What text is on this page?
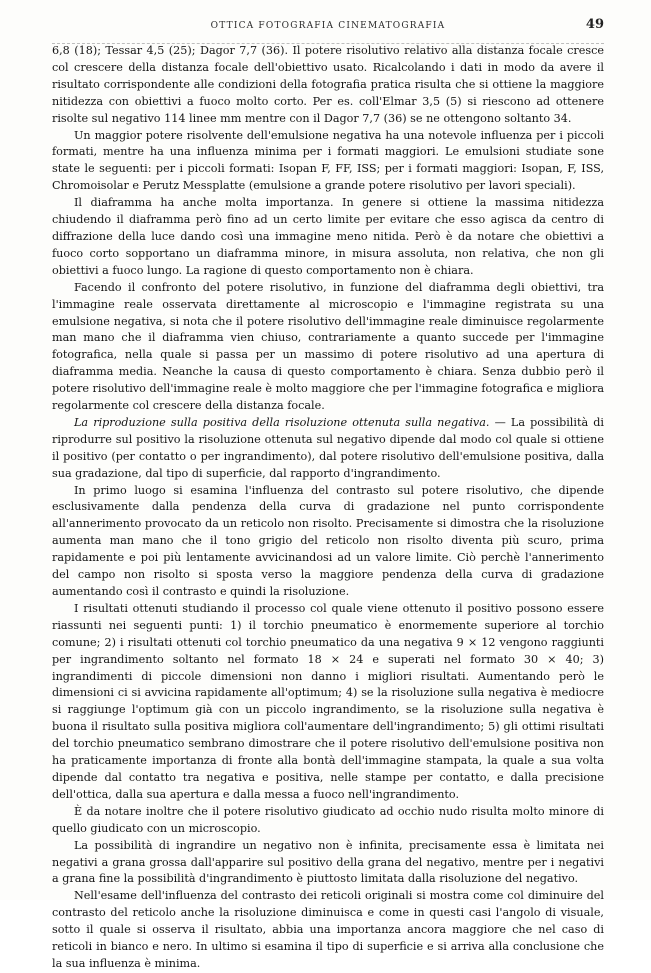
OTTICA FOTOGRAFIA CINEMATOGRAFIA	49

6,8 (18); Tessar 4,5 (25); Dagor 7,7 (36). Il potere risolutivo relativo alla distanza focale cresce col crescere della distanza focale dell'obiettivo usato. Ricalcolando i dati in modo da avere il risultato corrispondente alle condizioni della fotografia pratica risulta che si ottiene la maggiore nitidezza con obiettivi a fuoco molto corto. Per es. coll'Elmar 3,5 (5) si riescono ad ottenere risolte sul negativo 114 linee mm mentre con il Dagor 7,7 (36) se ne ottengono soltanto 34.

Un maggior potere risolvente dell'emulsione negativa ha una notevole influenza per i piccoli formati, mentre ha una influenza minima per i formati maggiori. Le emulsioni studiate sone state le seguenti: per i piccoli formati: Isopan F, FF, ISS; per i formati maggiori: Isopan, F, ISS, Chromoisolar e Perutz Messplatte (emulsione a grande potere risolutivo per lavori speciali).

Il diaframma ha anche molta importanza. In genere si ottiene la massima nitidezza chiudendo il diaframma però fino ad un certo limite per evitare che esso agisca da centro di diffrazione della luce dando così una immagine meno nitida. Però è da notare che obiettivi a fuoco corto sopportano un diaframma minore, in misura assoluta, non relativa, che non gli obiettivi a fuoco lungo. La ragione di questo comportamento non è chiara.

Facendo il confronto del potere risolutivo, in funzione del diaframma degli obiettivi, tra l'immagine reale osservata direttamente al microscopio e l'immagine registrata su una emulsione negativa, si nota che il potere risolutivo dell'immagine reale diminuisce regolarmente man mano che il diaframma vien chiuso, contrariamente a quanto succede per l'immagine fotografica, nella quale si passa per un massimo di potere risolutivo ad una apertura di diaframma media. Neanche la causa di questo comportamento è chiara. Senza dubbio però il potere risolutivo dell'immagine reale è molto maggiore che per l'immagine fotografica e migliora regolarmente col crescere della distanza focale.

La riproduzione sulla positiva della risoluzione ottenuta sulla negativa. — La possibilità di riprodurre sul positivo la risoluzione ottenuta sul negativo dipende dal modo col quale si ottiene il positivo (per contatto o per ingrandimento), dal potere risolutivo dell'emulsione positiva, dalla sua gradazione, dal tipo di superficie, dal rapporto d'ingrandimento.

In primo luogo si esamina l'influenza del contrasto sul potere risolutivo, che dipende esclusivamente dalla pendenza della curva di gradazione nel punto corrispondente all'annerimento provocato da un reticolo non risolto. Precisamente si dimostra che la risoluzione aumenta man mano che il tono grigio del reticolo non risolto diventa più scuro, prima rapidamente e poi più lentamente avvicinandosi ad un valore limite. Ciò perchè l'annerimento del campo non risolto si sposta verso la maggiore pendenza della curva di gradazione aumentando così il contrasto e quindi la risoluzione.

I risultati ottenuti studiando il processo col quale viene ottenuto il positivo possono essere riassunti nei seguenti punti: 1) il torchio pneumatico è enormemente superiore al torchio comune; 2) i risultati ottenuti col torchio pneumatico da una negativa 9 × 12 vengono raggiunti per ingrandimento soltanto nel formato 18 × 24 e superati nel formato 30 × 40; 3) ingrandimenti di piccole dimensioni non danno i migliori risultati. Aumentando però le dimensioni ci si avvicina rapidamente all'optimum; 4) se la risoluzione sulla negativa è mediocre si raggiunge l'optimum già con un piccolo ingrandimento, se la risoluzione sulla negativa è buona il risultato sulla positiva migliora coll'aumentare dell'ingrandimento; 5) gli ottimi risultati del torchio pneumatico sembrano dimostrare che il potere risolutivo dell'emulsione positiva non ha praticamente importanza di fronte alla bontà dell'immagine stampata, la quale a sua volta dipende dal contatto tra negativa e positiva, nelle stampe per contatto, e dalla precisione dell'ottica, dalla sua apertura e dalla messa a fuoco nell'ingrandimento.

È da notare inoltre che il potere risolutivo giudicato ad occhio nudo risulta molto minore di quello giudicato con un microscopio.

La possibilità di ingrandire un negativo non è infinita, precisamente essa è limitata nei negativi a grana grossa dall'apparire sul positivo della grana del negativo, mentre per i negativi a grana fine la possibilità d'ingrandimento è piuttosto limitata dalla risoluzione del negativo.

Nell'esame dell'influenza del contrasto dei reticoli originali si mostra come col diminuire del contrasto del reticolo anche la risoluzione diminuisca e come in questi casi l'angolo di visuale, sotto il quale si osserva il risultato, abbia una importanza ancora maggiore che nel caso di reticoli in bianco e nero. In ultimo si esamina il tipo di superficie e si arriva alla conclusione che la sua influenza è minima.
